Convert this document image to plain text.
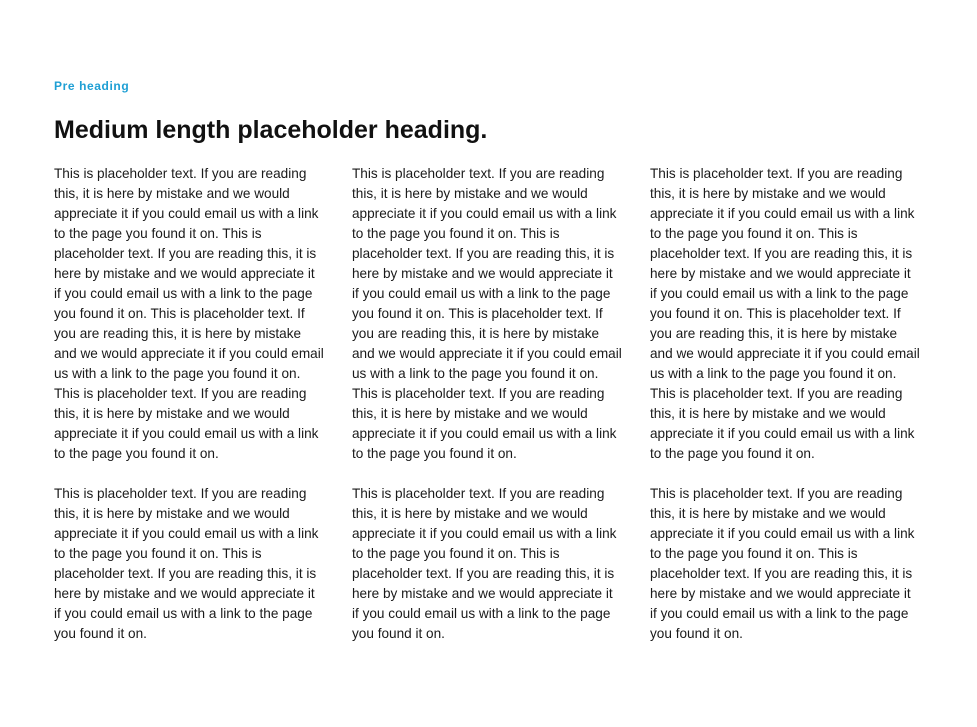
Pre heading

Medium length placeholder heading.

This is placeholder text. If you are reading this, it is here by mistake and we would appreciate it if you could email us with a link to the page you found it on. This is placeholder text. If you are reading this, it is here by mistake and we would appreciate it if you could email us with a link to the page you found it on. This is placeholder text. If you are reading this, it is here by mistake and we would appreciate it if you could email us with a link to the page you found it on. This is placeholder text. If you are reading this, it is here by mistake and we would appreciate it if you could email us with a link to the page you found it on.

This is placeholder text. If you are reading this, it is here by mistake and we would appreciate it if you could email us with a link to the page you found it on. This is placeholder text. If you are reading this, it is here by mistake and we would appreciate it if you could email us with a link to the page you found it on.

This is placeholder text. If you are reading this, it is here by mistake and we would appreciate it if you could email us with a link to the page you found it on. This is placeholder text. If you are reading this, it is here by mistake and we would appreciate it if you could email us with a link to the page you found it on. This is placeholder text. If you are reading this, it is here by mistake and we would appreciate it if you could email us with a link to the page you found it on. This is placeholder text. If you are reading this, it is here by mistake and we would appreciate it if you could email us with a link to the page you found it on.

This is placeholder text. If you are reading this, it is here by mistake and we would appreciate it if you could email us with a link to the page you found it on. This is placeholder text. If you are reading this, it is here by mistake and we would appreciate it if you could email us with a link to the page you found it on.

This is placeholder text. If you are reading this, it is here by mistake and we would appreciate it if you could email us with a link to the page you found it on. This is placeholder text. If you are reading this, it is here by mistake and we would appreciate it if you could email us with a link to the page you found it on. This is placeholder text. If you are reading this, it is here by mistake and we would appreciate it if you could email us with a link to the page you found it on. This is placeholder text. If you are reading this, it is here by mistake and we would appreciate it if you could email us with a link to the page you found it on.

This is placeholder text. If you are reading this, it is here by mistake and we would appreciate it if you could email us with a link to the page you found it on. This is placeholder text. If you are reading this, it is here by mistake and we would appreciate it if you could email us with a link to the page you found it on.
